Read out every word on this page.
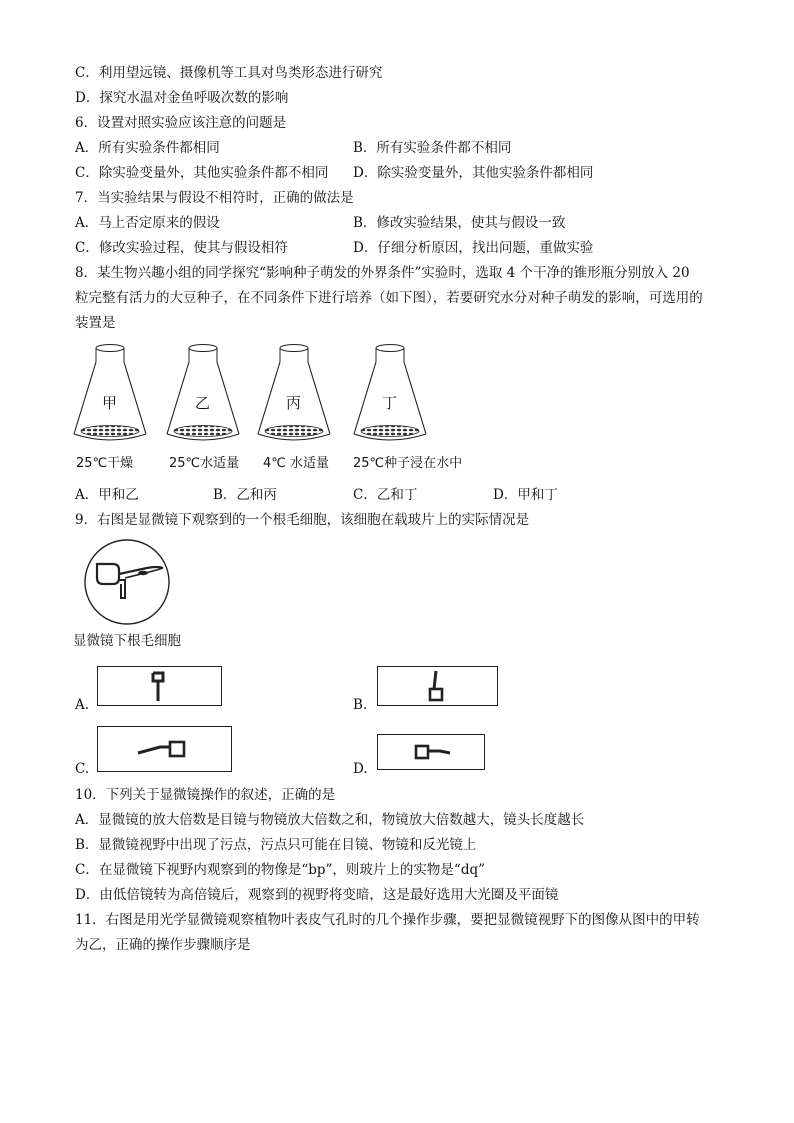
C．利用望远镜、摄像机等工具对鸟类形态进行研究
D．探究水温对金鱼呼吸次数的影响
6．设置对照实验应该注意的问题是
A．所有实验条件都相同	B．所有实验条件都不相同
C．除实验变量外，其他实验条件都不相同 D．除实验变量外，其他实验条件都相同
7．当实验结果与假设不相符时，正确的做法是
A．马上否定原来的假设	B．修改实验结果，使其与假设一致
C．修改实验过程，使其与假设相符	D．仔细分析原因，找出问题，重做实验
8．某生物兴趣小组的同学探究“影响种子萌发的外界条件”实验时，选取 4 个干净的锥形瓶分别放入 20
粒完整有活力的大豆种子，在不同条件下进行培养（如下图），若要研究水分对种子萌发的影响，可选用的
装置是
甲	乙	丙	丁
25℃干燥	25℃水适量 4℃ 水适量 25℃种子浸在水中
A．甲和乙	B．乙和丙	C．乙和丁	D．甲和丁
9．右图是显微镜下观察到的一个根毛细胞，该细胞在载玻片上的实际情况是
显微镜下根毛细胞
A.	B.
C.	D.
10．下列关于显微镜操作的叙述，正确的是
A．显微镜的放大倍数是目镜与物镜放大倍数之和，物镜放大倍数越大，镜头长度越长
B．显微镜视野中出现了污点，污点只可能在目镜、物镜和反光镜上
C．在显微镜下视野内观察到的物像是“bp”，则玻片上的实物是“dq”
D．由低倍镜转为高倍镜后，观察到的视野将变暗，这是最好选用大光圈及平面镜
11．右图是用光学显微镜观察植物叶表皮气孔时的几个操作步骤，要把显微镜视野下的图像从图中的甲转
为乙，正确的操作步骤顺序是
